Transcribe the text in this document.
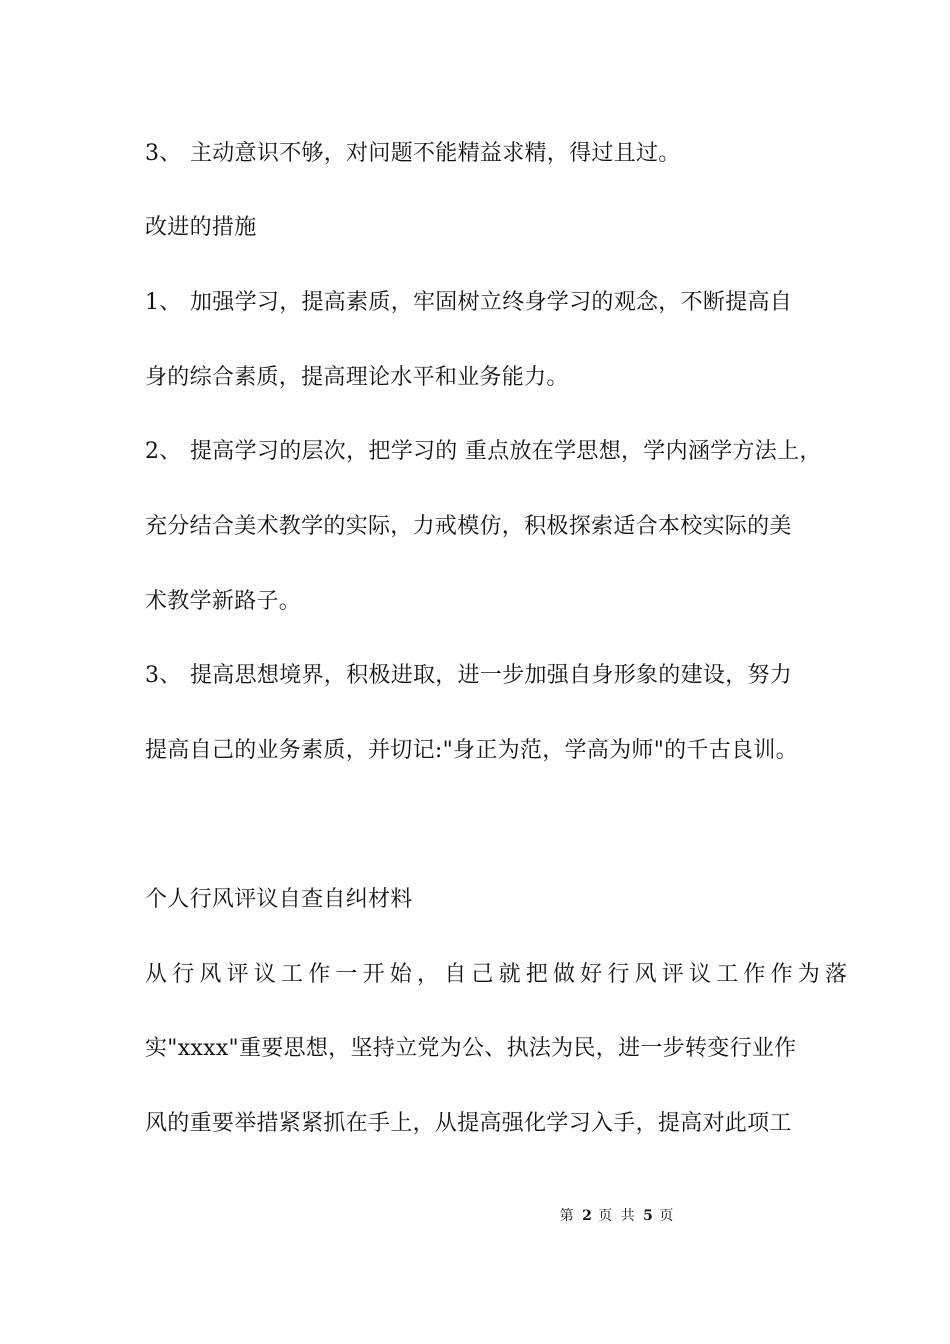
3、 主动意识不够，对问题不能精益求精，得过且过。
改进的措施
1、 加强学习，提高素质，牢固树立终身学习的观念，不断提高自
身的综合素质，提高理论水平和业务能力。
2、 提高学习的层次，把学习的 重点放在学思想，学内涵学方法上，
充分结合美术教学的实际，力戒模仿，积极探索适合本校实际的美
术教学新路子。
3、 提高思想境界，积极进取，进一步加强自身形象的建设，努力
提高自己的业务素质，并切记:"身正为范，学高为师"的千古良训。
个人行风评议自查自纠材料
从行风评议工作一开始，自己就把做好行风评议工作作为落
实"xxxx"重要思想，坚持立党为公、执法为民，进一步转变行业作
风的重要举措紧紧抓在手上，从提高强化学习入手，提高对此项工
第 2 页 共 5 页
